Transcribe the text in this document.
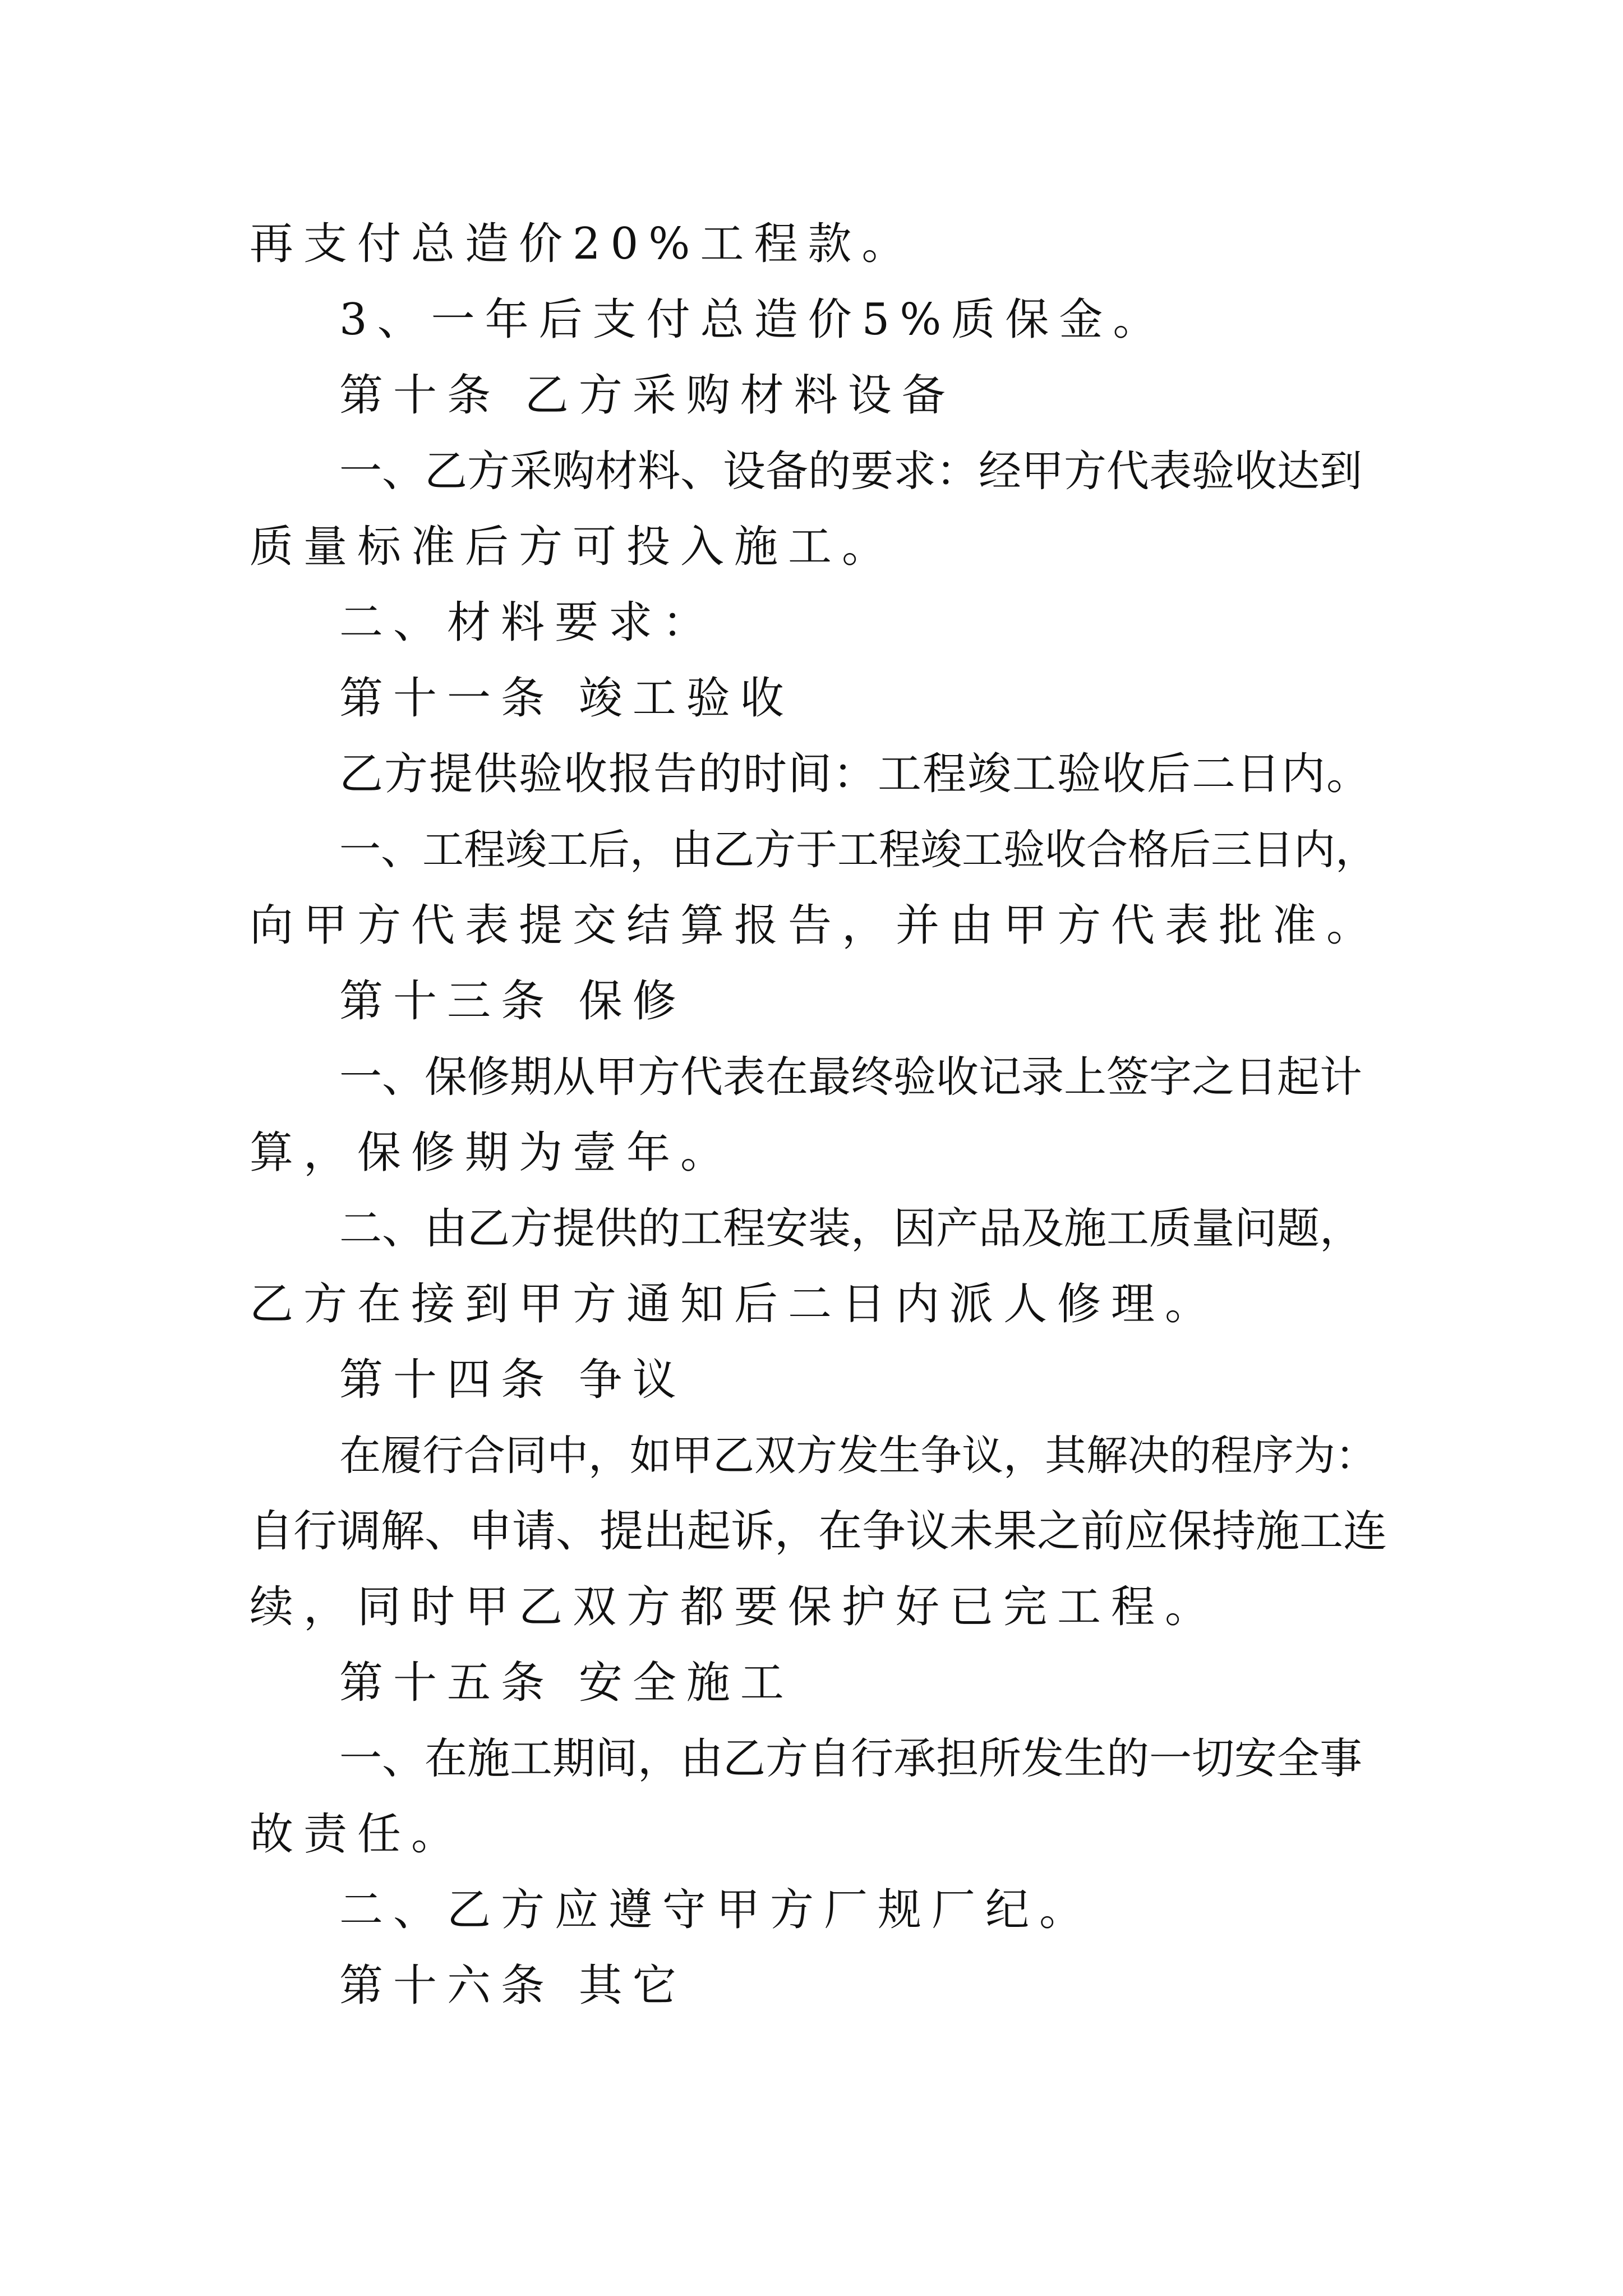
再支付总造价20%工程款。
3、一年后支付总造价5%质保金。
第十条 乙方采购材料设备
一、乙方采购材料、设备的要求：经甲方代表验收达到
质量标准后方可投入施工。
二、材料要求：
第十一条 竣工验收
乙方提供验收报告的时间：工程竣工验收后二日内。
一、工程竣工后，由乙方于工程竣工验收合格后三日内，
向甲方代表提交结算报告，并由甲方代表批准。
第十三条 保修
一、保修期从甲方代表在最终验收记录上签字之日起计
算，保修期为壹年。
二、由乙方提供的工程安装，因产品及施工质量问题，
乙方在接到甲方通知后二日内派人修理。
第十四条 争议
在履行合同中，如甲乙双方发生争议，其解决的程序为：
自行调解、申请、提出起诉，在争议未果之前应保持施工连
续，同时甲乙双方都要保护好已完工程。
第十五条 安全施工
一、在施工期间，由乙方自行承担所发生的一切安全事
故责任。
二、乙方应遵守甲方厂规厂纪。
第十六条 其它
